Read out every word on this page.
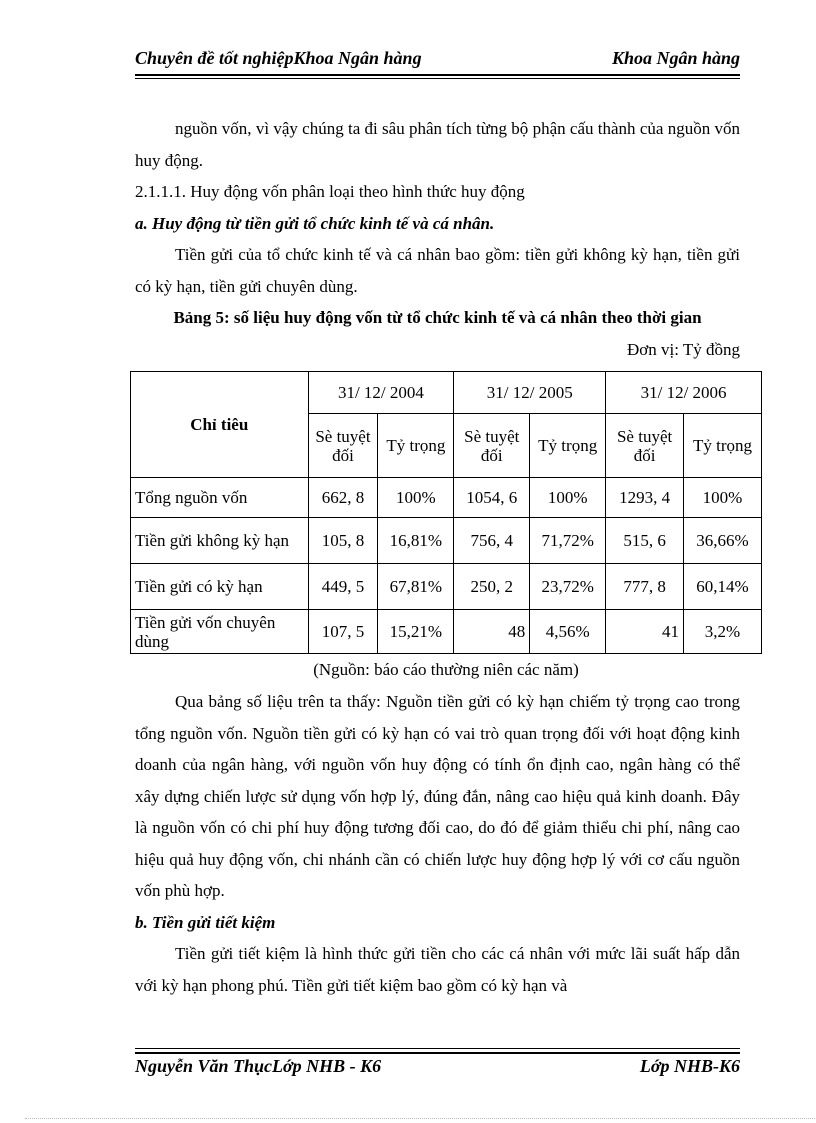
Chuyên đề tốt nghiệpKhoa Ngân hàng	Khoa Ngân hàng

nguồn vốn, vì vậy chúng ta đi sâu phân tích từng bộ phận cấu thành của nguồn vốn huy động.

2.1.1.1. Huy động vốn phân loại theo hình thức huy động

a. Huy động từ tiền gửi tổ chức kinh tế và cá nhân.

Tiền gửi của tổ chức kinh tế và cá nhân bao gồm: tiền gửi không kỳ hạn, tiền gửi có kỳ hạn, tiền gửi chuyên dùng.

Bảng 5: số liệu huy động vốn từ tổ chức kinh tế và cá nhân theo thời gian

Đơn vị: Tỷ đồng

Chỉ tiêu	31/ 12/ 2004		31/ 12/ 2005		31/ 12/ 2006	
	Sè tuyệt đối	Tỷ trọng	Sè tuyệt đối	Tỷ trọng	Sè tuyệt đối	Tỷ trọng
Tổng nguồn vốn	662, 8	100%	1054, 6	100%	1293, 4	100%
Tiền gửi không kỳ hạn	105, 8	16,81%	756, 4	71,72%	515, 6	36,66%
Tiền gửi có kỳ hạn	449, 5	67,81%	250, 2	23,72%	777, 8	60,14%
Tiền gửi vốn chuyên dùng	107, 5	15,21%	48	4,56%	41	3,2%
(Nguồn: báo cáo thường niên các năm)

Qua bảng số liệu trên ta thấy: Nguồn tiền gửi có kỳ hạn chiếm tỷ trọng cao trong tổng nguồn vốn. Nguồn tiền gửi có kỳ hạn có vai trò quan trọng đối với hoạt động kinh doanh của ngân hàng, với nguồn vốn huy động có tính ổn định cao, ngân hàng có thể xây dựng chiến lược sử dụng vốn hợp lý, đúng đắn, nâng cao hiệu quả kinh doanh. Đây là nguồn vốn có chi phí huy động tương đối cao, do đó để giảm thiểu chi phí, nâng cao hiệu quả huy động vốn, chi nhánh cần có chiến lược huy động hợp lý với cơ cấu nguồn vốn phù hợp.

b. Tiền gửi tiết kiệm

Tiền gửi tiết kiệm là hình thức gửi tiền cho các cá nhân với mức lãi suất hấp dẫn với kỳ hạn phong phú. Tiền gửi tiết kiệm bao gồm có kỳ hạn và

Nguyễn Văn ThụcLớp NHB - K6	Lớp NHB-K6
